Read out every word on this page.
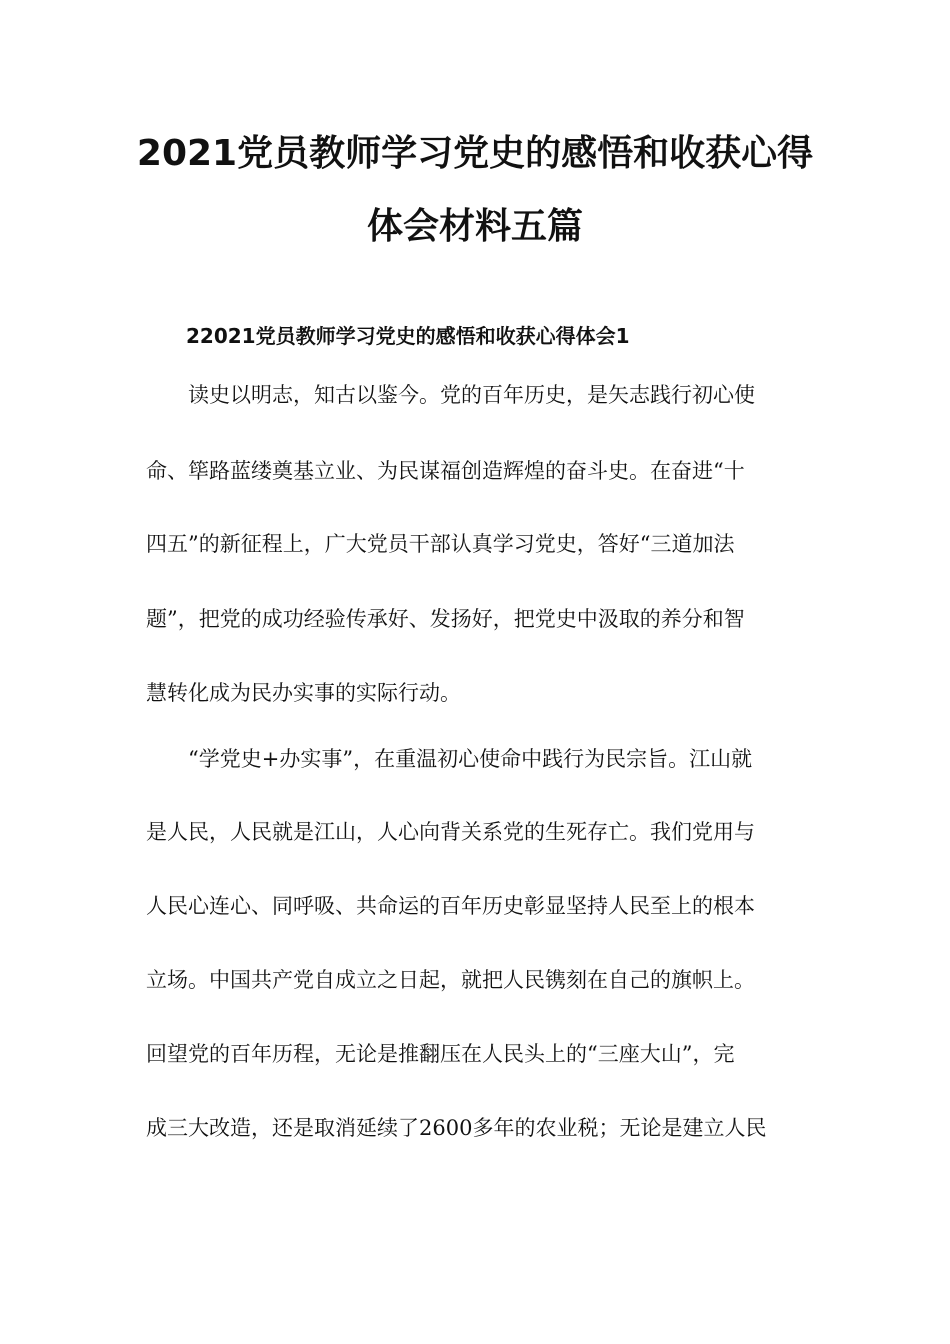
2021党员教师学习党史的感悟和收获心得
体会材料五篇
22021党员教师学习党史的感悟和收获心得体会1
读史以明志，知古以鉴今。党的百年历史，是矢志践行初心使
命、筚路蓝缕奠基立业、为民谋福创造辉煌的奋斗史。在奋进“十
四五”的新征程上，广大党员干部认真学习党史，答好“三道加法
题”，把党的成功经验传承好、发扬好，把党史中汲取的养分和智
慧转化成为民办实事的实际行动。
“学党史+办实事”，在重温初心使命中践行为民宗旨。江山就
是人民，人民就是江山，人心向背关系党的生死存亡。我们党用与
人民心连心、同呼吸、共命运的百年历史彰显坚持人民至上的根本
立场。中国共产党自成立之日起，就把人民镌刻在自己的旗帜上。
回望党的百年历程，无论是推翻压在人民头上的“三座大山”，完
成三大改造，还是取消延续了2600多年的农业税；无论是建立人民
